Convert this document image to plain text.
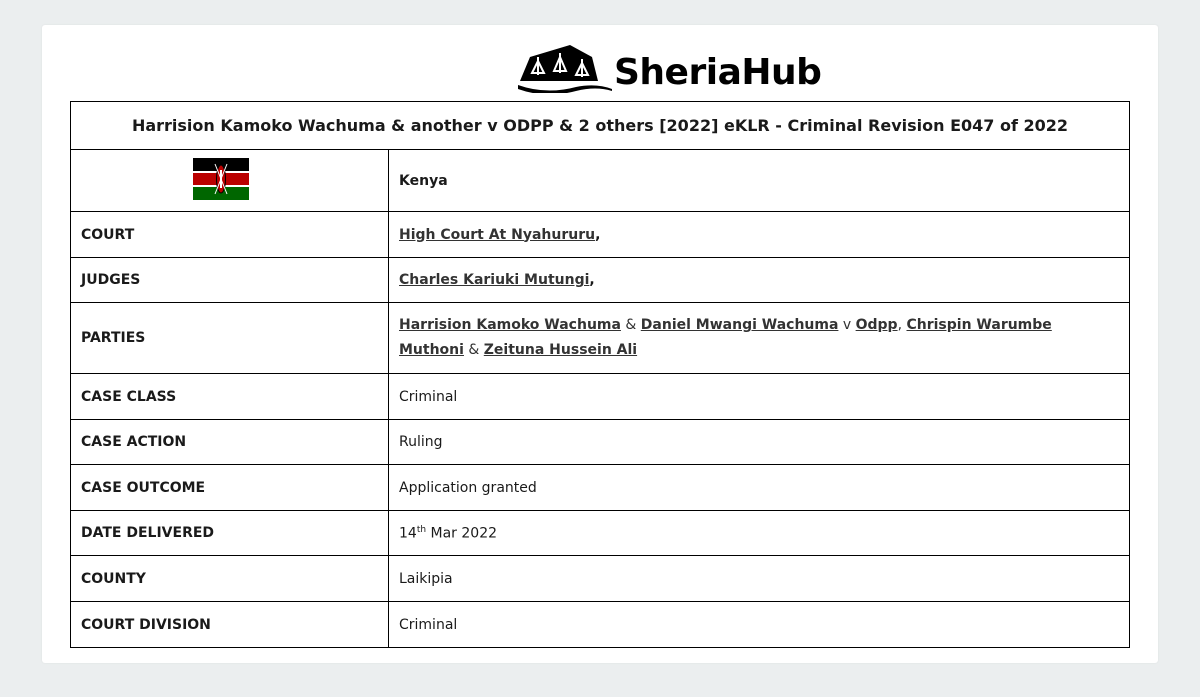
SheriaHub
Harrision Kamoko Wachuma & another v ODPP & 2 others [2022] eKLR - Criminal Revision E047 of 2022	
	Kenya
COURT	High Court At Nyahururu,
JUDGES	Charles Kariuki Mutungi,
PARTIES	Harrision Kamoko Wachuma & Daniel Mwangi Wachuma v Odpp, Chrispin Warumbe Muthoni & Zeituna Hussein Ali
CASE CLASS	Criminal
CASE ACTION	Ruling
CASE OUTCOME	Application granted
DATE DELIVERED	14th Mar 2022
COUNTY	Laikipia
COURT DIVISION	Criminal
